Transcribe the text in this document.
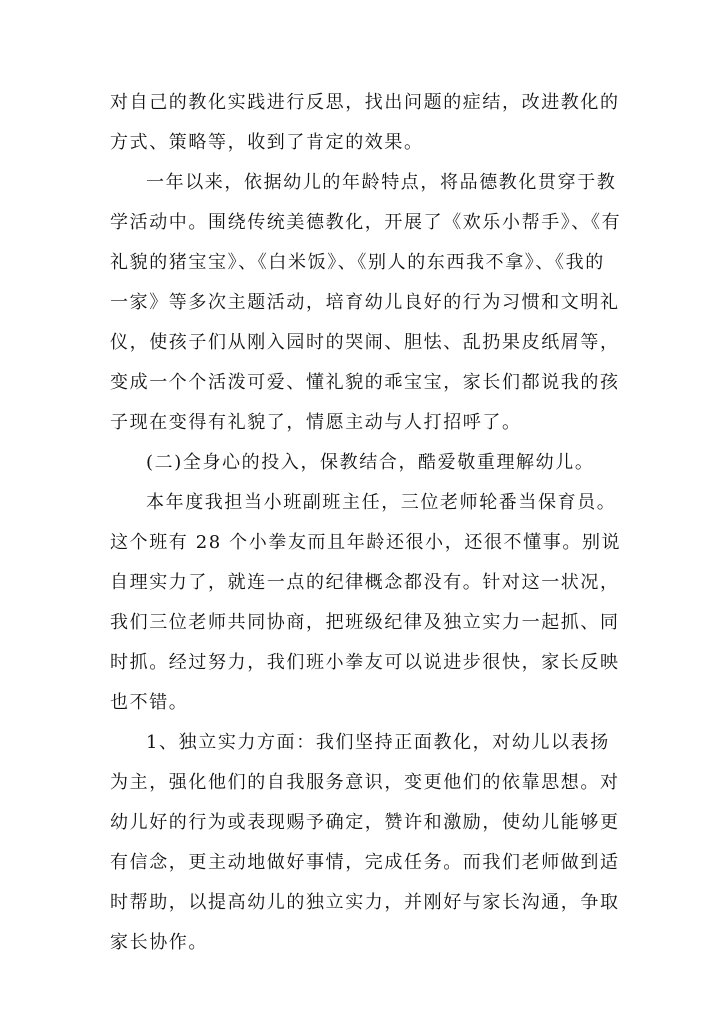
对自己的教化实践进行反思，找出问题的症结，改进教化的
方式、策略等，收到了肯定的效果。
一年以来，依据幼儿的年龄特点，将品德教化贯穿于教
学活动中。围绕传统美德教化，开展了《欢乐小帮手》、《有
礼貌的猪宝宝》、《白米饭》、《别人的东西我不拿》、《我的
一家》等多次主题活动，培育幼儿良好的行为习惯和文明礼
仪，使孩子们从刚入园时的哭闹、胆怯、乱扔果皮纸屑等，
变成一个个活泼可爱、懂礼貌的乖宝宝，家长们都说我的孩
子现在变得有礼貌了，情愿主动与人打招呼了。
(二)全身心的投入，保教结合，酷爱敬重理解幼儿。
本年度我担当小班副班主任，三位老师轮番当保育员。
这个班有 28 个小拳友而且年龄还很小，还很不懂事。别说
自理实力了，就连一点的纪律概念都没有。针对这一状况，
我们三位老师共同协商，把班级纪律及独立实力一起抓、同
时抓。经过努力，我们班小拳友可以说进步很快，家长反映
也不错。
1、独立实力方面：我们坚持正面教化，对幼儿以表扬
为主，强化他们的自我服务意识，变更他们的依靠思想。对
幼儿好的行为或表现赐予确定，赞许和激励，使幼儿能够更
有信念，更主动地做好事情，完成任务。而我们老师做到适
时帮助，以提高幼儿的独立实力，并刚好与家长沟通，争取
家长协作。
